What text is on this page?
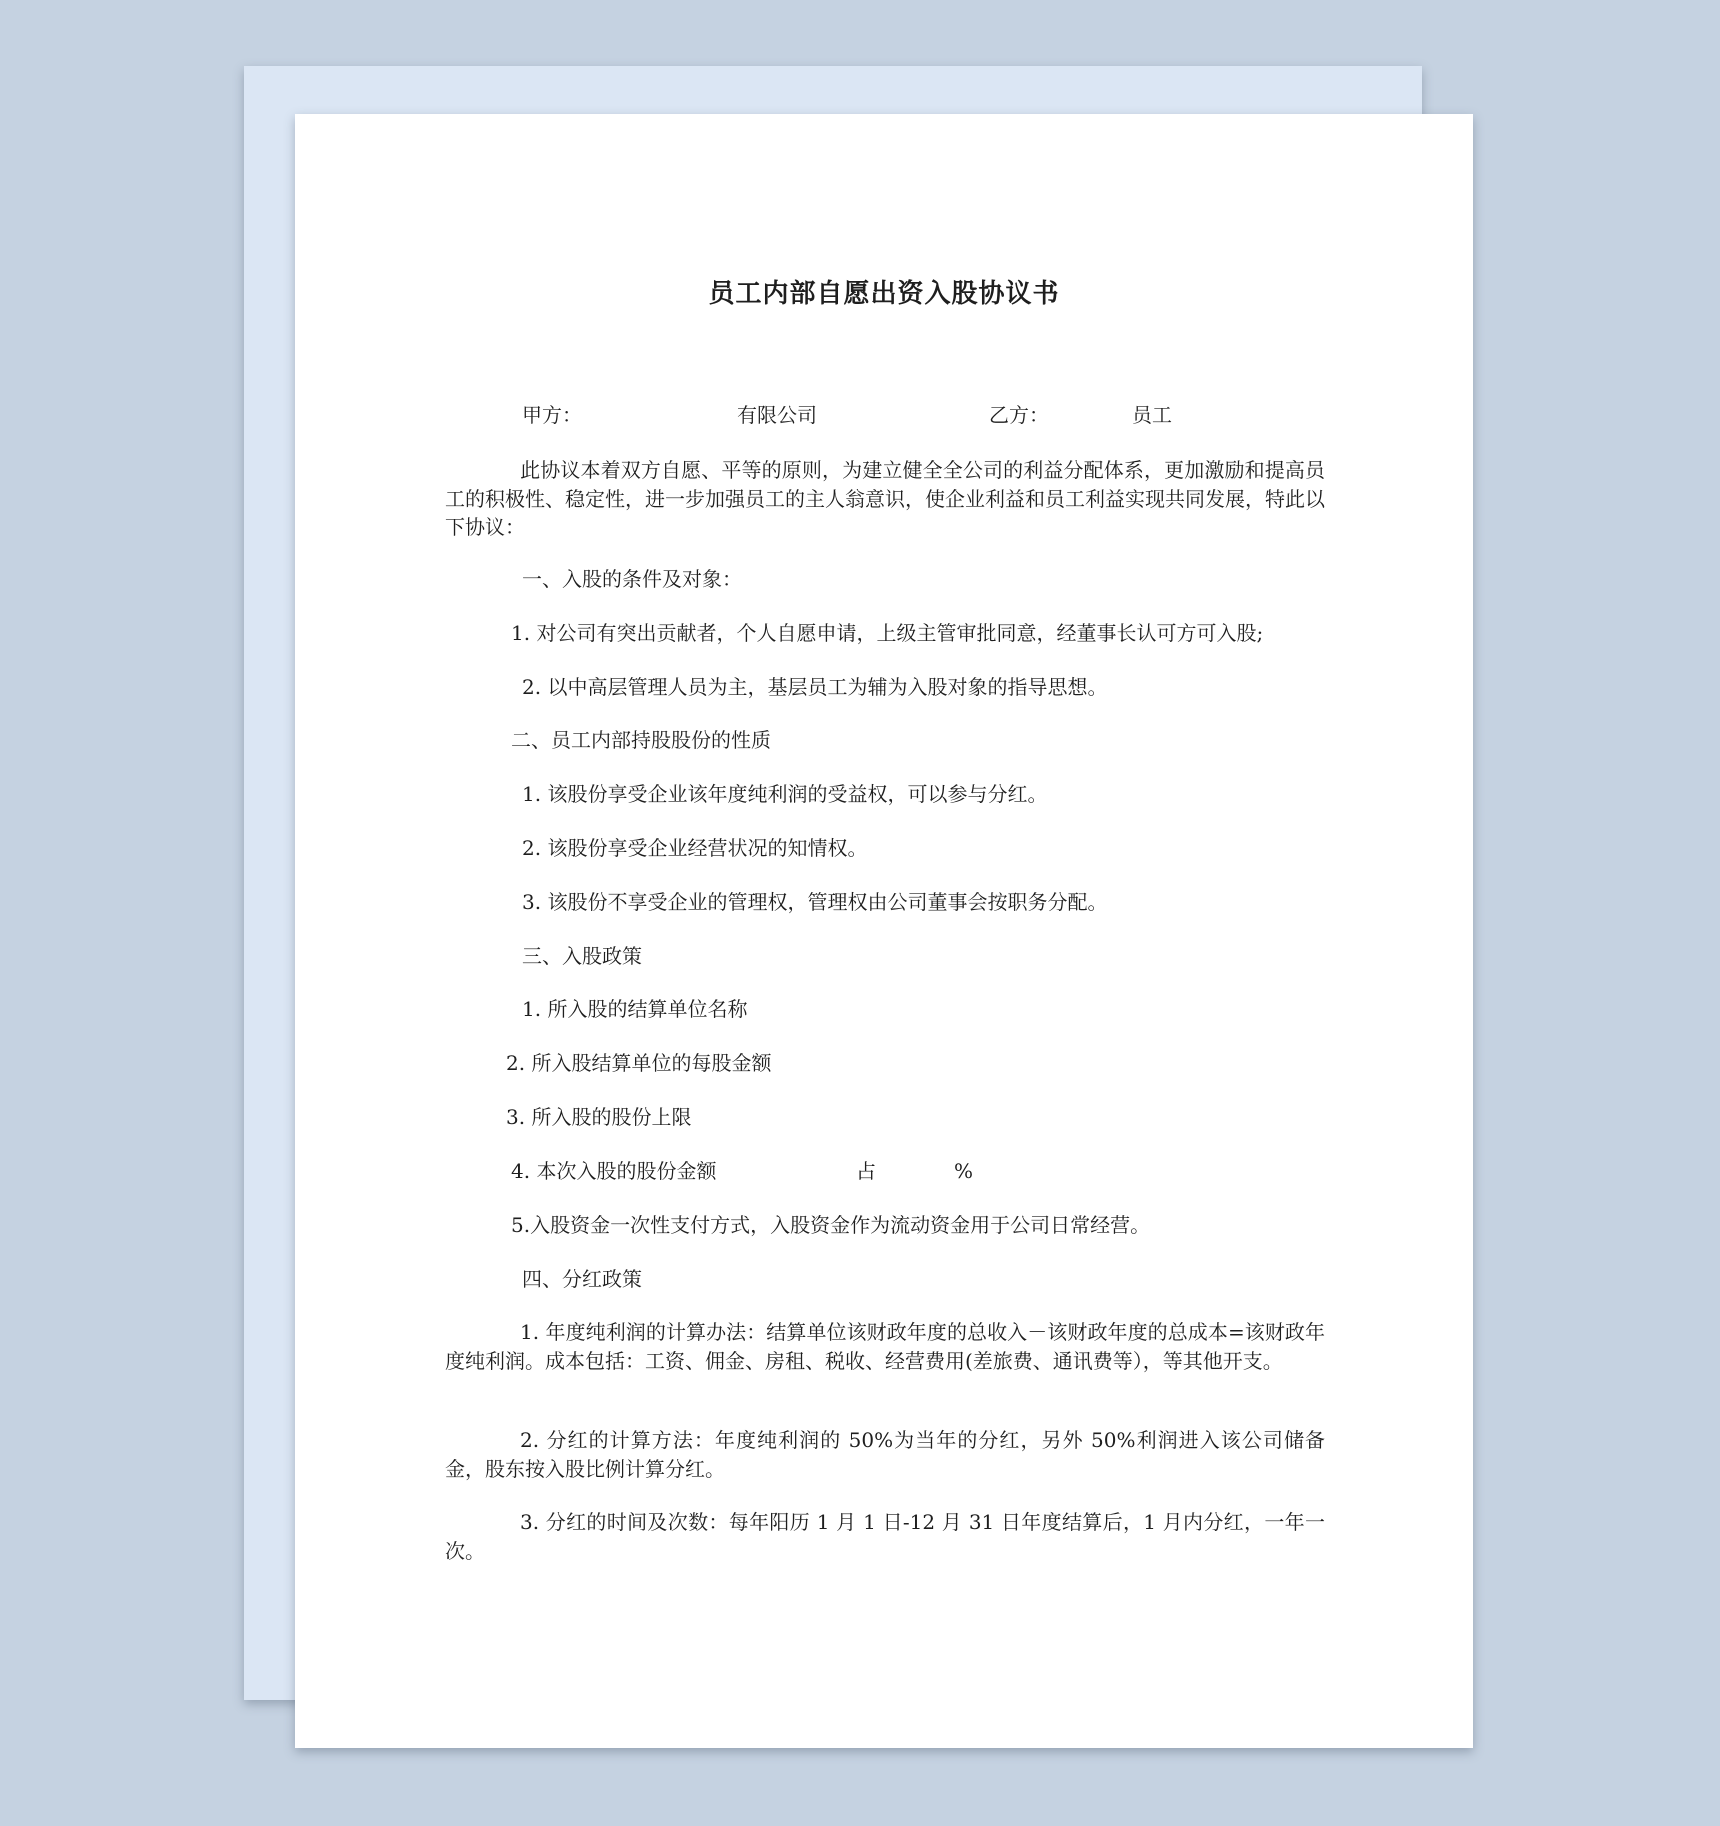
员工内部自愿出资入股协议书
甲方：	有限公司	乙方：	员工
此协议本着双方自愿、平等的原则，为建立健全全公司的利益分配体系，更加激励和提高员工的积极性、稳定性，进一步加强员工的主人翁意识，使企业利益和员工利益实现共同发展，特此以下协议：
一、入股的条件及对象：
1. 对公司有突出贡献者，个人自愿申请，上级主管审批同意，经董事长认可方可入股;
2. 以中高层管理人员为主，基层员工为辅为入股对象的指导思想。
二、员工内部持股股份的性质
1. 该股份享受企业该年度纯利润的受益权，可以参与分红。
2. 该股份享受企业经营状况的知情权。
3. 该股份不享受企业的管理权，管理权由公司董事会按职务分配。
三、入股政策
1. 所入股的结算单位名称
2. 所入股结算单位的每股金额
3. 所入股的股份上限
4. 本次入股的股份金额	占	%
5.入股资金一次性支付方式，入股资金作为流动资金用于公司日常经营。
四、分红政策
1. 年度纯利润的计算办法：结算单位该财政年度的总收入－该财政年度的总成本=该财政年度纯利润。成本包括：工资、佣金、房租、税收、经营费用(差旅费、通讯费等），等其他开支。
2. 分红的计算方法：年度纯利润的 50%为当年的分红，另外 50%利润进入该公司储备金，股东按入股比例计算分红。
3. 分红的时间及次数：每年阳历 1 月 1 日-12 月 31 日年度结算后，1 月内分红，一年一次。
